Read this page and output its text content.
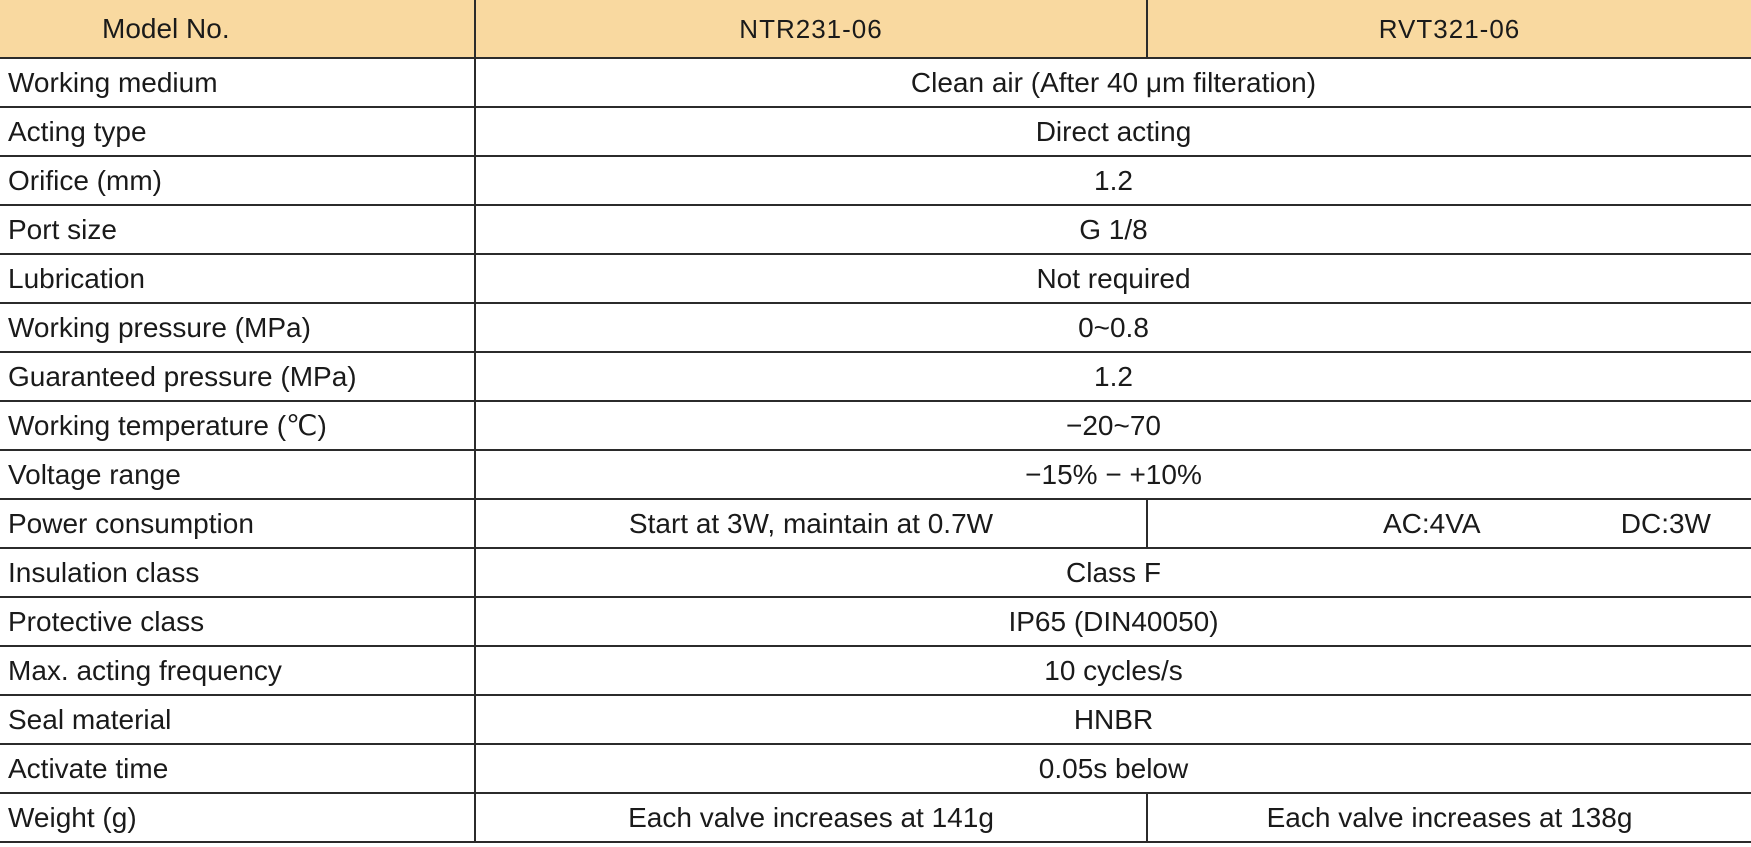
Model No.	NTR231-06	RVT321-06
Working medium	Clean air (After 40 μm filteration)	
Acting type	Direct acting	
Orifice (mm)	1.2	
Port size	G 1/8	
Lubrication	Not required	
Working pressure (MPa)	0~0.8	
Guaranteed pressure (MPa)	1.2	
Working temperature (℃)	−20~70	
Voltage range	−15% − +10%	
Power consumption	Start at 3W, maintain at 0.7W	AC:4VA DC:3W

Insulation class	Class F	
Protective class	IP65 (DIN40050)	
Max. acting frequency	10 cycles/s	
Seal material	HNBR	
Activate time	0.05s below	
Weight (g)	Each valve increases at 141g	Each valve increases at 138g
